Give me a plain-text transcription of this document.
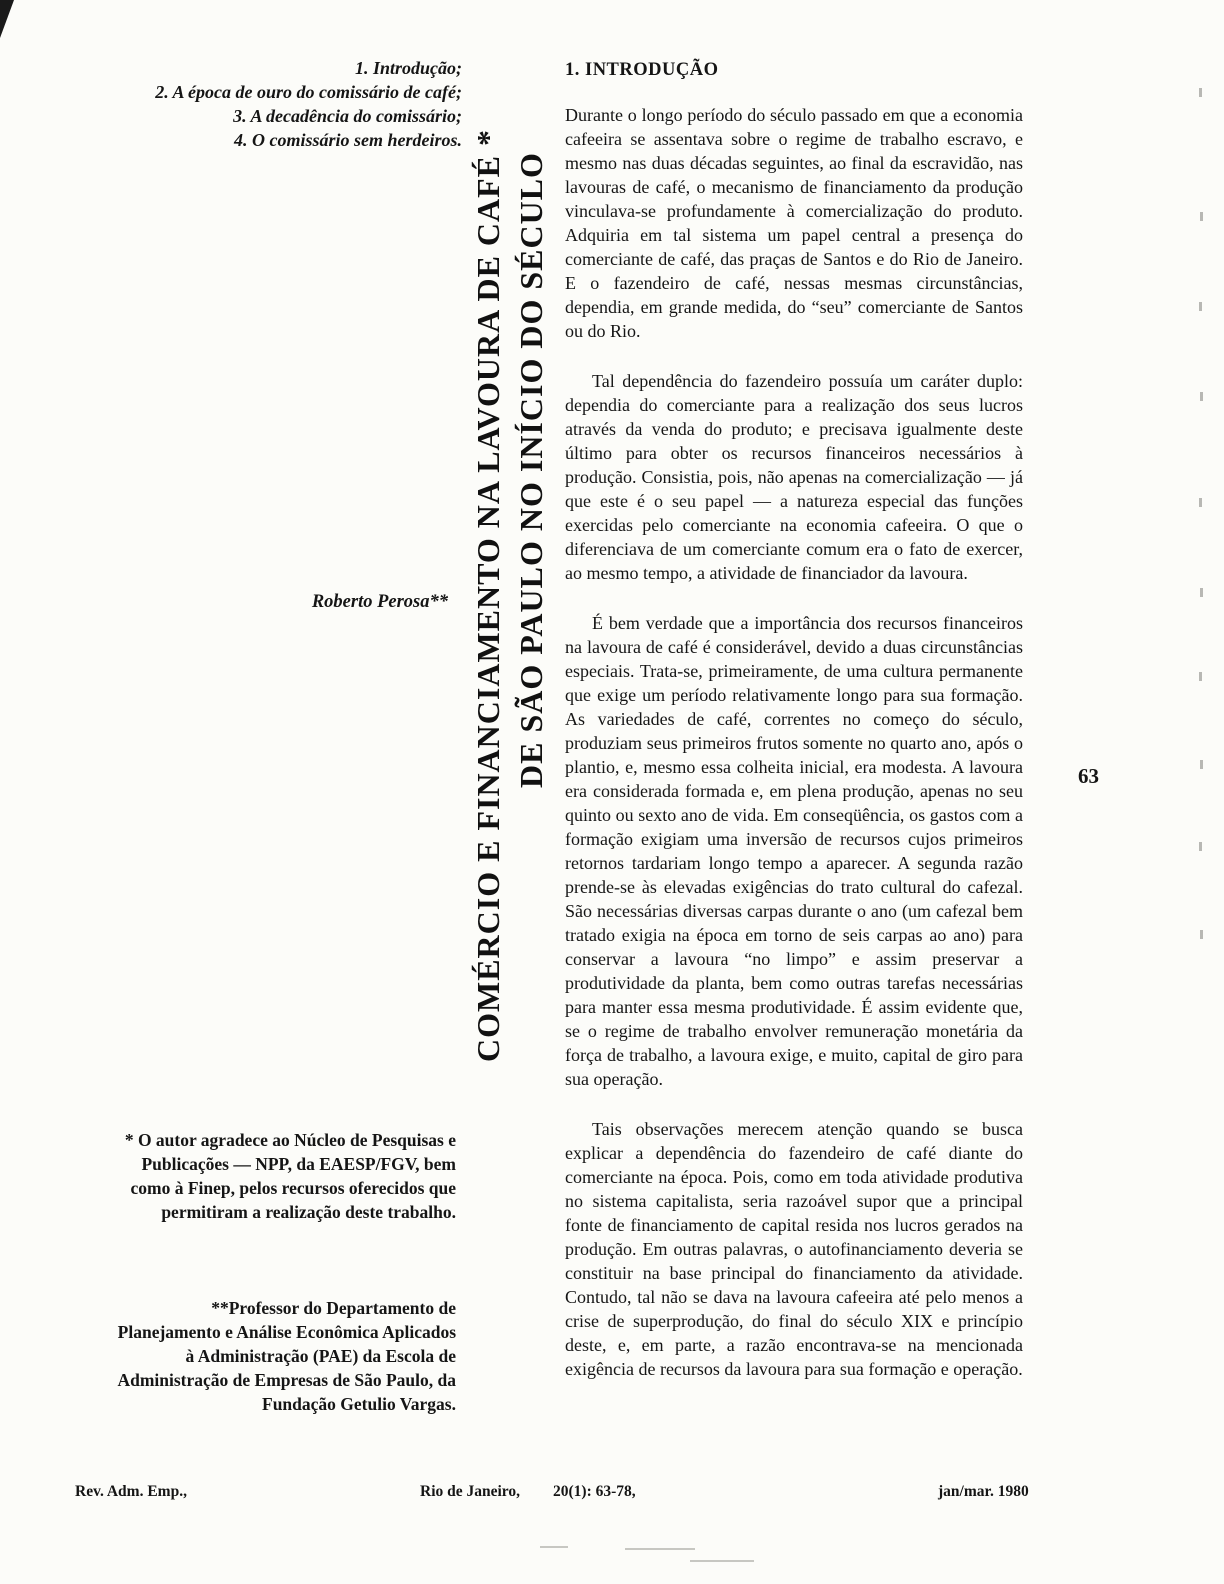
1. Introdução;

2. A época de ouro do comissário de café;

3. A decadência do comissário;

4. O comissário sem herdeiros. COMÉRCIO E FINANCIAMENTO NA LAVOURA DE CAFÉ * DE SÃO PAULO NO INÍCIO DO SÉCULO
Roberto Perosa**
1. INTRODUÇÃO

Durante o longo período do século passado em que a economia cafeeira se assentava sobre o regime de trabalho escravo, e mesmo nas duas décadas seguintes, ao final da escravidão, nas lavouras de café, o mecanismo de financiamento da produção vinculava-se profundamente à comercialização do produto. Adquiria em tal sistema um papel central a presença do comerciante de café, das praças de Santos e do Rio de Janeiro. E o fazendeiro de café, nessas mesmas circunstâncias, dependia, em grande medida, do “seu” comerciante de Santos ou do Rio.

Tal dependência do fazendeiro possuía um caráter duplo: dependia do comerciante para a realização dos seus lucros através da venda do produto; e precisava igualmente deste último para obter os recursos financeiros necessários à produção. Consistia, pois, não apenas na comercialização — já que este é o seu papel — a natureza especial das funções exercidas pelo comerciante na economia cafeeira. O que o diferenciava de um comerciante comum era o fato de exercer, ao mesmo tempo, a atividade de financiador da lavoura.

É bem verdade que a importância dos recursos financeiros na lavoura de café é considerável, devido a duas circunstâncias especiais. Trata-se, primeiramente, de uma cultura permanente que exige um período relativamente longo para sua formação. As variedades de café, correntes no começo do século, produziam seus primeiros frutos somente no quarto ano, após o plantio, e, mesmo essa colheita inicial, era modesta. A lavoura era considerada formada e, em plena produção, apenas no seu quinto ou sexto ano de vida. Em conseqüência, os gastos com a formação exigiam uma inversão de recursos cujos primeiros retornos tardariam longo tempo a aparecer. A segunda razão prende-se às elevadas exigências do trato cultural do cafezal. São necessárias diversas carpas durante o ano (um cafezal bem tratado exigia na época em torno de seis carpas ao ano) para conservar a lavoura “no limpo” e assim preservar a produtividade da planta, bem como outras tarefas necessárias para manter essa mesma produtividade. É assim evidente que, se o regime de trabalho envolver remuneração monetária da força de trabalho, a lavoura exige, e muito, capital de giro para sua operação.

Tais observações merecem atenção quando se busca explicar a dependência do fazendeiro de café diante do comerciante na época. Pois, como em toda atividade produtiva no sistema capitalista, seria razoável supor que a principal fonte de financiamento de capital resida nos lucros gerados na produção. Em outras palavras, o autofinanciamento deveria se constituir na base principal do financiamento da atividade. Contudo, tal não se dava na lavoura cafeeira até pelo menos a crise de superprodução, do final do século XIX e princípio deste, e, em parte, a razão encontrava-se na mencionada exigência de recursos da lavoura para sua formação e operação.

* O autor agradece ao Núcleo de Pesquisas e Publicações — NPP, da EAESP/FGV, bem como à Finep, pelos recursos oferecidos que permitiram a realização deste trabalho.
**Professor do Departamento de Planejamento e Análise Econômica Aplicados à Administração (PAE) da Escola de Administração de Empresas de São Paulo, da Fundação Getulio Vargas.
63
Rev. Adm. Emp.,	Rio de Janeiro, 20(1): 63-78,	jan/mar. 1980
